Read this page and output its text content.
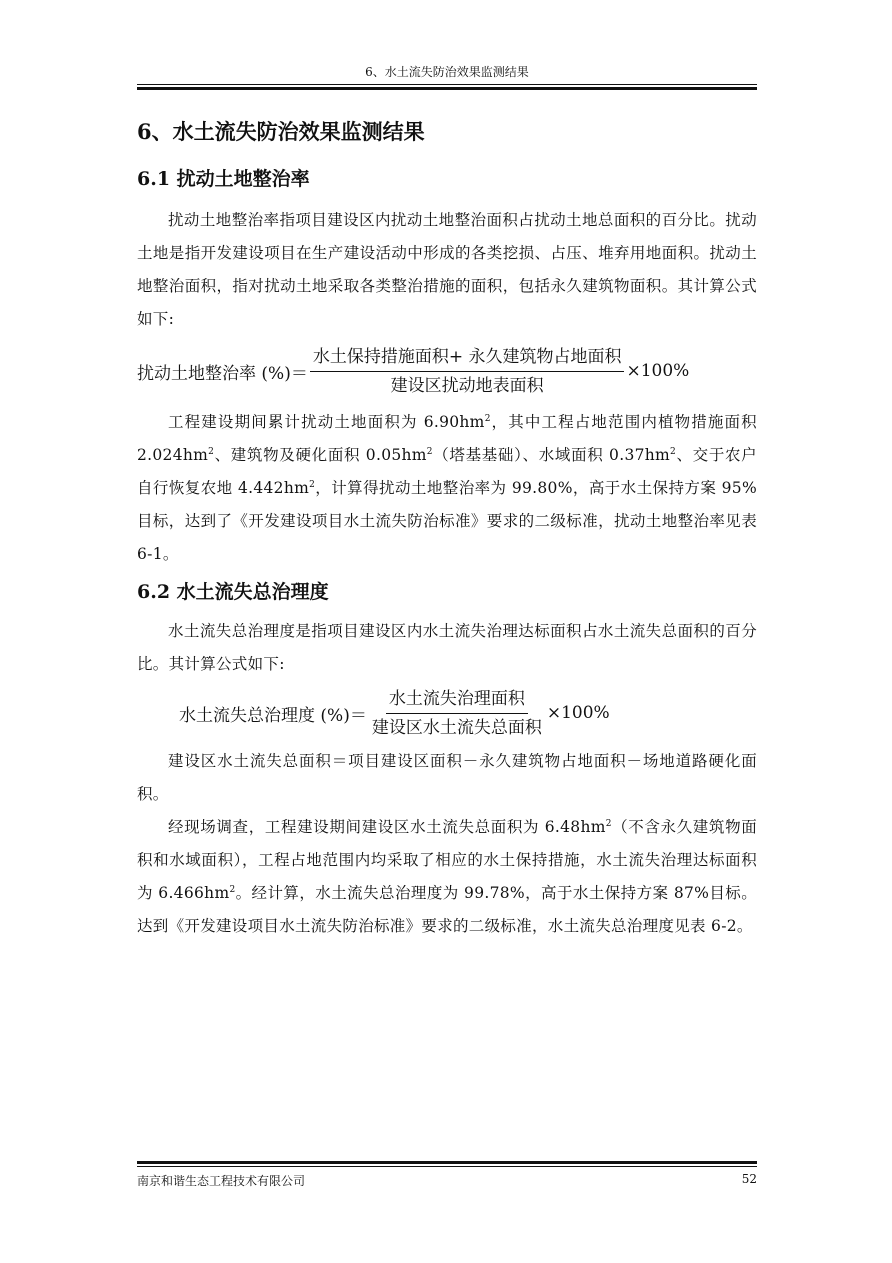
6、水土流失防治效果监测结果
6、水土流失防治效果监测结果
6.1 扰动土地整治率

扰动土地整治率指项目建设区内扰动土地整治面积占扰动土地总面积的百分比。扰动土地是指开发建设项目在生产建设活动中形成的各类挖损、占压、堆弃用地面积。扰动土地整治面积，指对扰动土地采取各类整治措施的面积，包括永久建筑物面积。其计算公式如下:

扰动土地整治率 (%)＝ $\frac{\text{水土保持措施面积+ 永久建筑物占地面积}}{\text{建设区扰动地表面积}} \times 100\%$

工程建设期间累计扰动土地面积为 $6.90hm^2$，其中工程占地范围内植物措施面积 $2.024hm^2$、建筑物及硬化面积 $0.05hm^2$（塔基基础）、水域面积 $0.37hm^2$、交于农户自行恢复农地 $4.442hm^2$，计算得扰动土地整治率为 99.80%，高于水土保持方案 95%目标，达到了《开发建设项目水土流失防治标准》要求的二级标准，扰动土地整治率见表 6-1。

6.2 水土流失总治理度

水土流失总治理度是指项目建设区内水土流失治理达标面积占水土流失总面积的百分比。其计算公式如下:

水土流失总治理度 (%)＝ $\frac{\text{水土流失治理面积}}{\text{建设区水土流失总面积}} \times 100\%$

建设区水土流失总面积＝项目建设区面积－永久建筑物占地面积－场地道路硬化面积。

经现场调查，工程建设期间建设区水土流失总面积为 $6.48hm^2$（不含永久建筑物面积和水域面积），工程占地范围内均采取了相应的水土保持措施，水土流失治理达标面积为 $6.466hm^2$。经计算，水土流失总治理度为 99.78%，高于水土保持方案 87%目标。达到《开发建设项目水土流失防治标准》要求的二级标准，水土流失总治理度见表 6-2。

南京和谐生态工程技术有限公司	52
